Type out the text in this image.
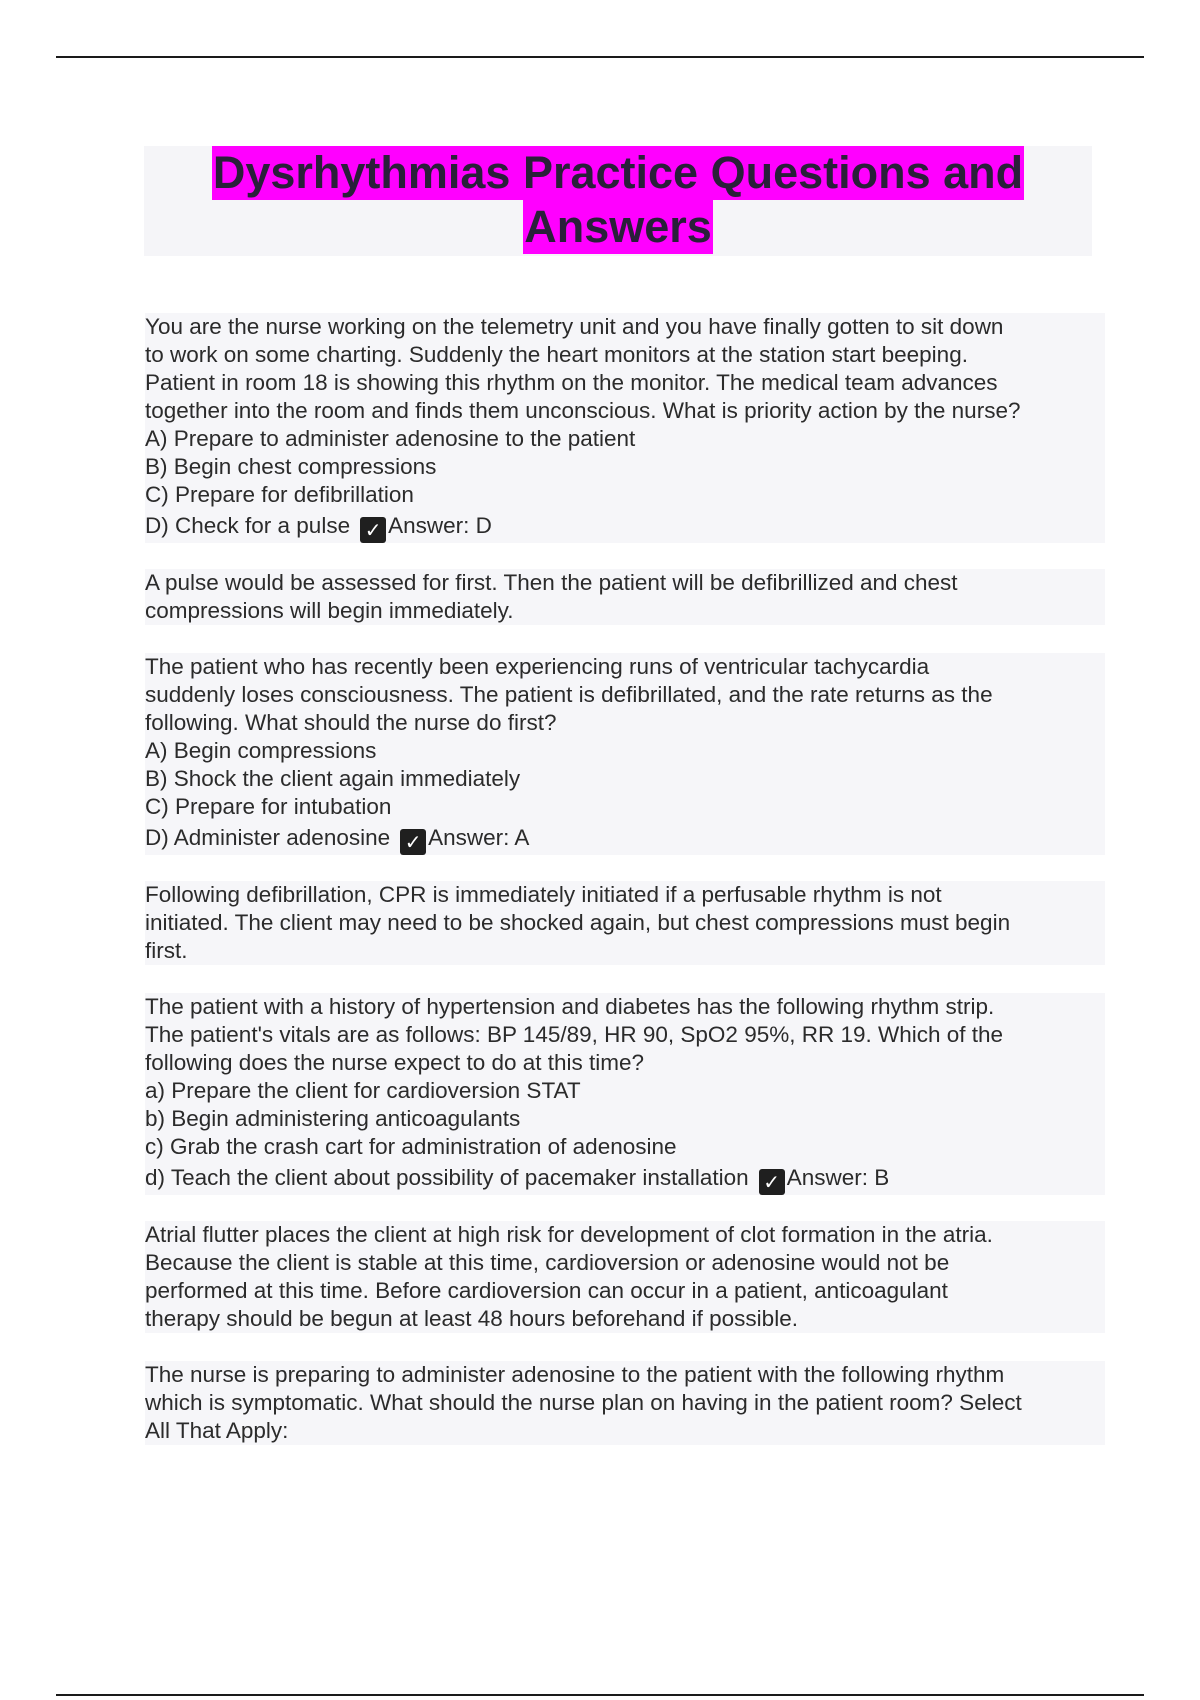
Dysrhythmias Practice Questions and
Answers
You are the nurse working on the telemetry unit and you have finally gotten to sit down
to work on some charting. Suddenly the heart monitors at the station start beeping.
Patient in room 18 is showing this rhythm on the monitor. The medical team advances
together into the room and finds them unconscious. What is priority action by the nurse?
A) Prepare to administer adenosine to the patient
B) Begin chest compressions
C) Prepare for defibrillation
D) Check for a pulse ✓ Answer: D
A pulse would be assessed for first. Then the patient will be defibrillized and chest
compressions will begin immediately.
The patient who has recently been experiencing runs of ventricular tachycardia
suddenly loses consciousness. The patient is defibrillated, and the rate returns as the
following. What should the nurse do first?
A) Begin compressions
B) Shock the client again immediately
C) Prepare for intubation
D) Administer adenosine ✓ Answer: A
Following defibrillation, CPR is immediately initiated if a perfusable rhythm is not
initiated. The client may need to be shocked again, but chest compressions must begin
first.
The patient with a history of hypertension and diabetes has the following rhythm strip.
The patient's vitals are as follows: BP 145/89, HR 90, SpO2 95%, RR 19. Which of the
following does the nurse expect to do at this time?
a) Prepare the client for cardioversion STAT
b) Begin administering anticoagulants
c) Grab the crash cart for administration of adenosine
d) Teach the client about possibility of pacemaker installation ✓ Answer: B
Atrial flutter places the client at high risk for development of clot formation in the atria.
Because the client is stable at this time, cardioversion or adenosine would not be
performed at this time. Before cardioversion can occur in a patient, anticoagulant
therapy should be begun at least 48 hours beforehand if possible.
The nurse is preparing to administer adenosine to the patient with the following rhythm
which is symptomatic. What should the nurse plan on having in the patient room? Select
All That Apply:
